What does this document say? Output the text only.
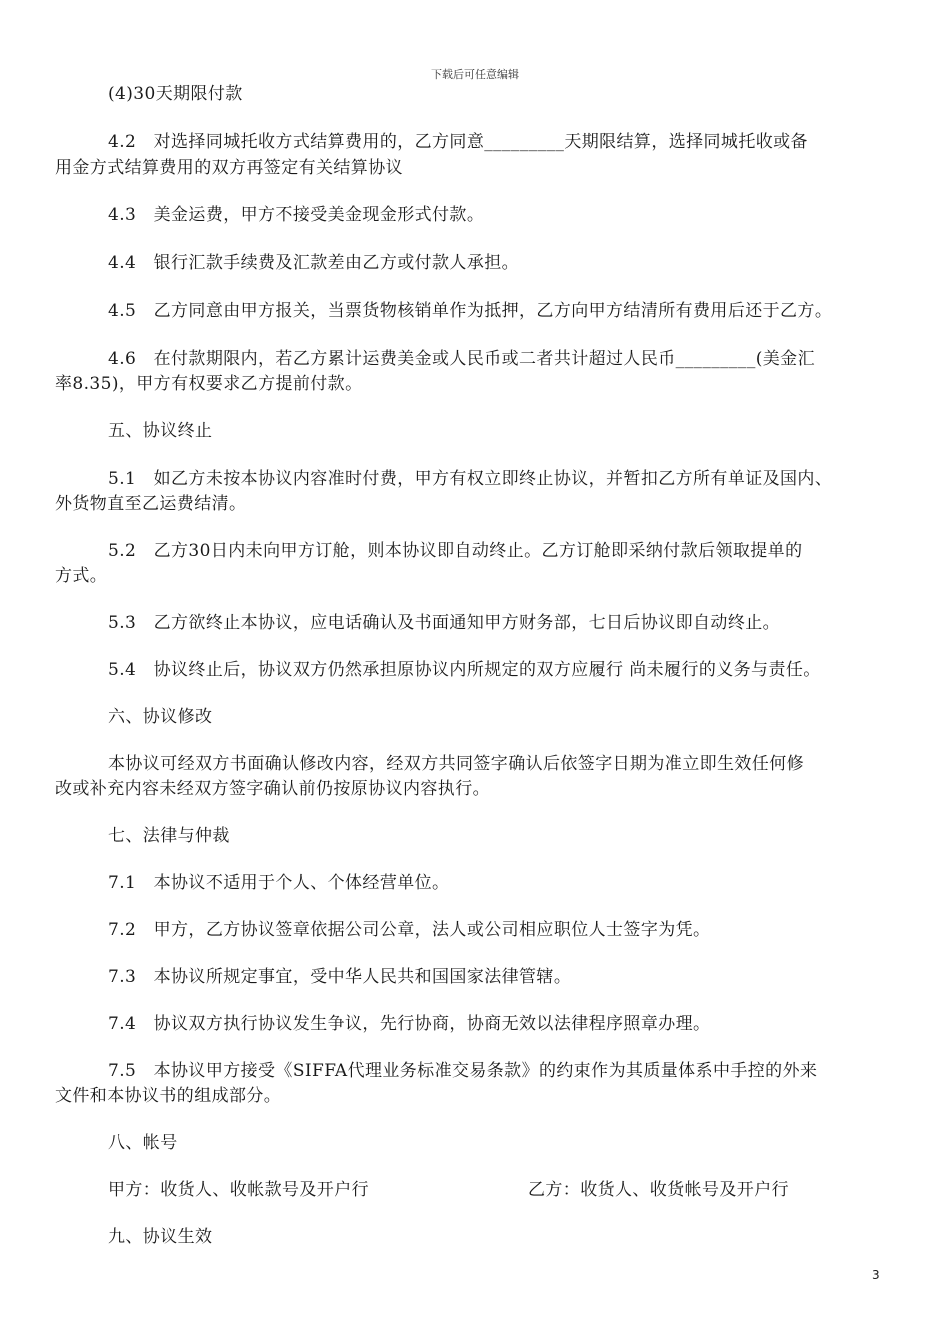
下载后可任意编辑
(4)30天期限付款
4.2　对选择同城托收方式结算费用的，乙方同意_________天期限结算，选择同城托收或备
用金方式结算费用的双方再签定有关结算协议
4.3　美金运费，甲方不接受美金现金形式付款。
4.4　银行汇款手续费及汇款差由乙方或付款人承担。
4.5　乙方同意由甲方报关，当票货物核销单作为抵押，乙方向甲方结清所有费用后还于乙方。
4.6　在付款期限内，若乙方累计运费美金或人民币或二者共计超过人民币_________(美金汇
率8.35)，甲方有权要求乙方提前付款。
五、协议终止
5.1　如乙方未按本协议内容准时付费，甲方有权立即终止协议，并暂扣乙方所有单证及国内、
外货物直至乙运费结清。
5.2　乙方30日内未向甲方订舱，则本协议即自动终止。乙方订舱即采纳付款后领取提单的
方式。
5.3　乙方欲终止本协议，应电话确认及书面通知甲方财务部，七日后协议即自动终止。
5.4　协议终止后，协议双方仍然承担原协议内所规定的双方应履行 尚未履行的义务与责任。
六、协议修改
本协议可经双方书面确认修改内容，经双方共同签字确认后依签字日期为准立即生效任何修
改或补充内容未经双方签字确认前仍按原协议内容执行。
七、法律与仲裁
7.1　本协议不适用于个人、个体经营单位。
7.2　甲方，乙方协议签章依据公司公章，法人或公司相应职位人士签字为凭。
7.3　本协议所规定事宜，受中华人民共和国国家法律管辖。
7.4　协议双方执行协议发生争议，先行协商，协商无效以法律程序照章办理。
7.5　本协议甲方接受《SIFFA代理业务标准交易条款》的约束作为其质量体系中手控的外来
文件和本协议书的组成部分。
八、帐号
甲方：收货人、收帐款号及开户行	乙方：收货人、收货帐号及开户行
九、协议生效
3
